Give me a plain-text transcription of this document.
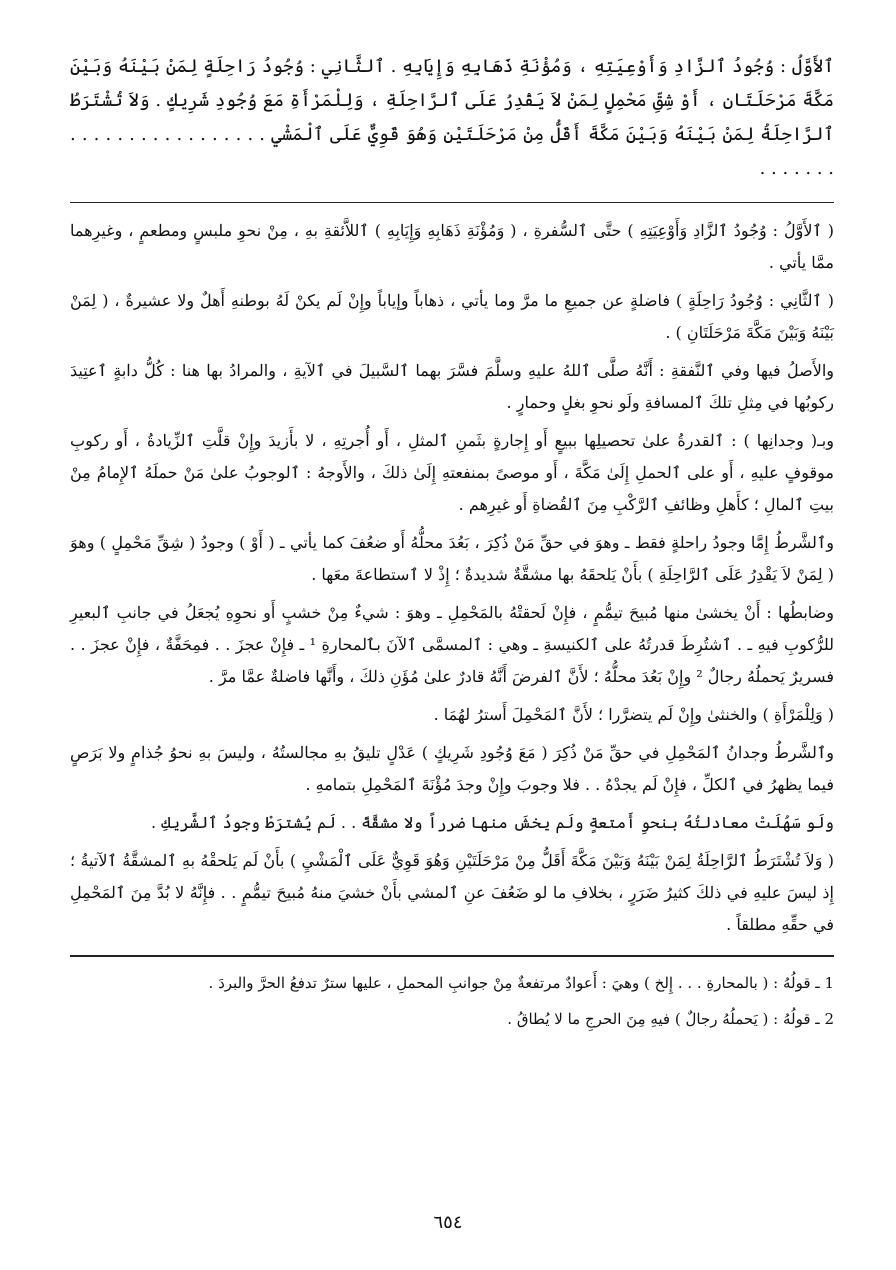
ٱلأَوَّلُ : وُجُودُ ٱلزَّادِ وَأَوْعِيَتِهِ ، وَمُؤْنَةِ ذَهَابِهِ وَإِيَابِهِ . ٱلثَّانِي : وُجُودُ رَاحِلَةٍ لِمَنْ بَيْنَهُ وَبَيْنَ مَكَّةَ مَرْحَلَتَانِ ، أَوْ شِقِّ مَحْمِلٍ لِمَنْ لاَ يَقْدِرُ عَلَى ٱلرَّاحِلَةِ ، وَلِلْمَرْأَةِ مَعَ وُجُودِ شَرِيكٍ . وَلاَ تُشْتَرَطُ ٱلرَّاحِلَةُ لِمَنْ بَيْنَهُ وَبَيْنَ مَكَّةَ أَقَلُّ مِنْ مَرْحَلَتَيْنِ وَهُوَ قَوِيٌّ عَلَى ٱلْمَشْيِ . . . . . . . . . . . . . . . . . . . . . . . .

( ٱلأَوَّلُ : وُجُودُ ٱلزَّادِ وَأَوْعِيَتِهِ ) حتَّى ٱلسُّفرةِ ، ( وَمُؤْنَةِ ذَهَابِهِ وَإِيَابِهِ ) ٱللاَّئقةِ بهِ ، مِنْ نحوِ ملبسٍ ومطعمٍ ، وغيرِهما ممَّا يأتي .

( ٱلثَّانِي : وُجُودُ رَاحِلَةٍ ) فاضلةٍ عن جميعِ ما مرَّ وما يأتي ، ذهاباً وإياباً وإِنْ لَم يكنْ لَهُ بوطنهِ أَهلٌ ولا عشيرةٌ ، ( لِمَنْ بَيْنَهُ وَبَيْنَ مَكَّةَ مَرْحَلَتَانِ ) .

والأَصلُ فيها وفي ٱلنَّفقةِ : أَنَّهُ صلَّى ٱللهُ عليهِ وسلَّمَ فسَّرَ بهما ٱلسَّبيلَ في ٱلآيةِ ، والمرادُ بها هنا : كُلُّ دابةٍ ٱعتِيدَ ركوبُها في مِثلِ تلكَ ٱلمسافةِ ولَو نحوِ بغلٍ وحمارٍ .

وبـ( وجدانِها ) : ٱلقدرةُ علىٰ تحصيلِها ببيعٍ أَو إِجارةٍ بثَمنِ ٱلمثلِ ، أَو أُجرتِهِ ، لا بأَزيدَ وإِنْ قلَّتِ ٱلزِّيادةُ ، أَو ركوبِ موقوفٍ عليهِ ، أَو على ٱلحملِ إِلَىٰ مَكَّةَ ، أَو موصىً بمنفعتهِ إِلَىٰ ذلكَ ، والأَوجهُ : ٱلوجوبُ علىٰ مَنْ حملَهُ ٱلإِمامُ مِنْ بيتِ ٱلمالِ ؛ كأَهلِ وظائفِ ٱلرَّكْبِ مِنَ ٱلقُضاةِ أَو غيرِهم .

وٱلشَّرطُ إِمَّا وجودُ راحلةٍ فقط ـ وهوَ في حقِّ مَنْ ذُكِرَ ، بَعُدَ محلُّهُ أَو ضعُفَ كما يأتي ـ ( أَوْ ) وجودُ ( شِقِّ مَحْمِلٍ ) وهوَ ( لِمَنْ لاَ يَقْدِرُ عَلَى ٱلرَّاحِلَةِ ) بأَنْ يَلحقَهُ بها مشقَّةٌ شديدةٌ ؛ إِذْ لا ٱستطاعةَ معَها .

وضابطُها : أَنْ يخشىٰ منها مُبيحَ تيمُّمٍ ، فإِنْ لَحقتْهُ بالمَحْمِلِ ـ وهوَ : شيءٌ مِنْ خشبٍ أَو نحوِهِ يُجعَلُ في جانبِ ٱلبعيرِ للرُّكوبِ فيهِ ـ . ٱشتُرِطَ قدرتُهُ على ٱلكنيسةِ ـ وهي : ٱلمسمَّى ٱلآنَ بٱلمحارةِ ¹ ـ فإِنْ عجزَ . . فمِحَفَّةٌ ، فإِنْ عجزَ . . فسريرٌ يَحملُهُ رجالٌ ² وإِنْ بَعُدَ محلُّهُ ؛ لأَنَّ ٱلفرضَ أَنَّهُ قادرٌ علىٰ مُؤَنِ ذلكَ ، وأَنَّها فاضلةٌ عمَّا مرَّ .

( وَلِلْمَرْأَةِ ) والخنثىٰ وإِنْ لَم يتضرَّرا ؛ لأَنَّ ٱلمَحْمِلَ أَسترُ لهُمَا .

وٱلشَّرطُ وجدانُ ٱلمَحْمِلِ في حقِّ مَنْ ذُكِرَ ( مَعَ وُجُودِ شَرِيكٍ ) عَدْلٍ تليقُ بهِ مجالستُهُ ، وليسَ بهِ نحوُ جُذامٍ ولا بَرَصٍ فيما يظهرُ في ٱلكلِّ ، فإِنْ لَم يجدْهُ . . فلا وجوبَ وإِنْ وجدَ مُؤْنَةَ ٱلمَحْمِلِ بتمامهِ .

ولَو سَهُلَتْ معادلتُهُ بنحوِ أَمتعةٍ ولَم يخشَ منها ضرراً ولا مشقَّةً . . لَم يُشترَطْ وجودُ ٱلشَّريكِ .

( وَلاَ تُشْتَرَطُ ٱلرَّاحِلَةُ لِمَنْ بَيْنَهُ وَبَيْنَ مَكَّةَ أَقَلُّ مِنْ مَرْحَلَتَيْنِ وَهُوَ قَوِيٌّ عَلَى ٱلْمَشْيِ ) بأَنْ لَم يَلحقْهُ بهِ ٱلمشقَّةُ ٱلآتيةُ ؛ إِذ ليسَ عليهِ في ذلكَ كثيرُ ضَرَرٍ ، بخلافِ ما لو ضَعُفَ عنِ ٱلمشي بأَنْ خشيَ منهُ مُبيحَ تيمُّمٍ . . فإِنَّهُ لا بُدَّ مِنَ ٱلمَحْمِلِ في حقِّهِ مطلقاً .

1 ـ قولُهُ : ( بالمحارةِ . . . إِلخ ) وهيَ : أَعوادٌ مرتفعةٌ مِنْ جوانبِ المحملِ ، عليها سترٌ تدفعُ الحرَّ والبردَ .

2 ـ قولُهُ : ( يَحملُهُ رجالٌ ) فيهِ مِنَ الحرجِ ما لا يُطاقُ .

٦٥٤
